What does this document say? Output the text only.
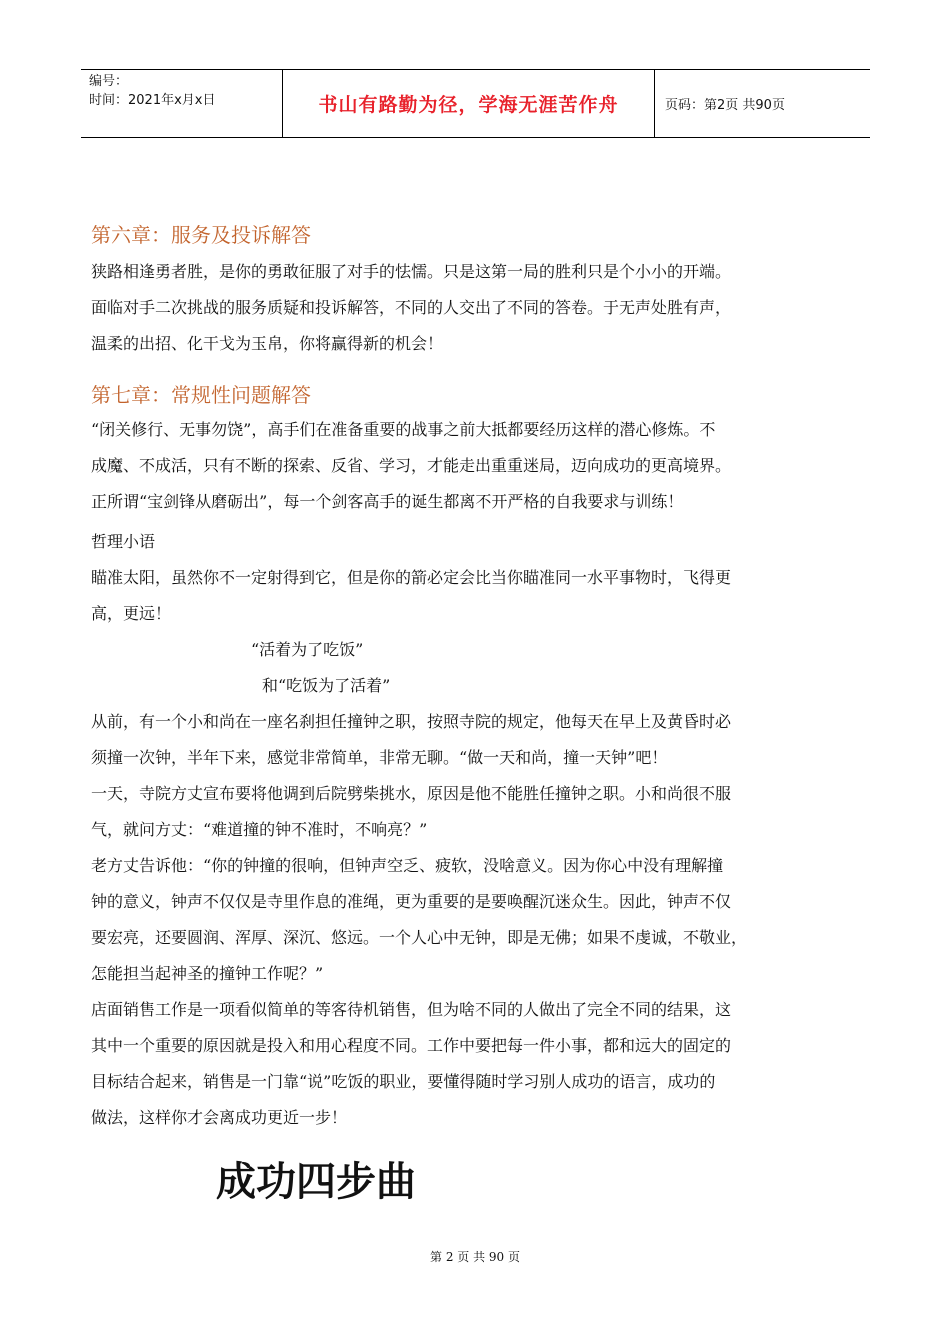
编号：
时间：2021年x月x日	书山有路勤为径，学海无涯苦作舟	页码：第2页 共90页
第六章：服务及投诉解答
狭路相逢勇者胜，是你的勇敢征服了对手的怯懦。只是这第一局的胜利只是个小小的开端。
面临对手二次挑战的服务质疑和投诉解答，不同的人交出了不同的答卷。于无声处胜有声，
温柔的出招、化干戈为玉帛，你将赢得新的机会！
第七章：常规性问题解答
“闭关修行、无事勿饶”，高手们在准备重要的战事之前大抵都要经历这样的潜心修炼。不
成魔、不成活，只有不断的探索、反省、学习，才能走出重重迷局，迈向成功的更高境界。
正所谓“宝剑锋从磨砺出”，每一个剑客高手的诞生都离不开严格的自我要求与训练！
哲理小语
瞄准太阳，虽然你不一定射得到它，但是你的箭必定会比当你瞄准同一水平事物时，飞得更
高，更远！
“活着为了吃饭”
和“吃饭为了活着”
从前，有一个小和尚在一座名刹担任撞钟之职，按照寺院的规定，他每天在早上及黄昏时必
须撞一次钟，半年下来，感觉非常简单，非常无聊。“做一天和尚，撞一天钟”吧！
一天，寺院方丈宣布要将他调到后院劈柴挑水，原因是他不能胜任撞钟之职。小和尚很不服
气，就问方丈：“难道撞的钟不准时，不响亮？”
老方丈告诉他：“你的钟撞的很响，但钟声空乏、疲软，没啥意义。因为你心中没有理解撞
钟的意义，钟声不仅仅是寺里作息的准绳，更为重要的是要唤醒沉迷众生。因此，钟声不仅
要宏亮，还要圆润、浑厚、深沉、悠远。一个人心中无钟，即是无佛；如果不虔诚，不敬业，
怎能担当起神圣的撞钟工作呢？”
店面销售工作是一项看似简单的等客待机销售，但为啥不同的人做出了完全不同的结果，这
其中一个重要的原因就是投入和用心程度不同。工作中要把每一件小事，都和远大的固定的
目标结合起来，销售是一门靠“说”吃饭的职业，要懂得随时学习别人成功的语言，成功的
做法，这样你才会离成功更近一步！
成功四步曲
第 2 页 共 90 页
